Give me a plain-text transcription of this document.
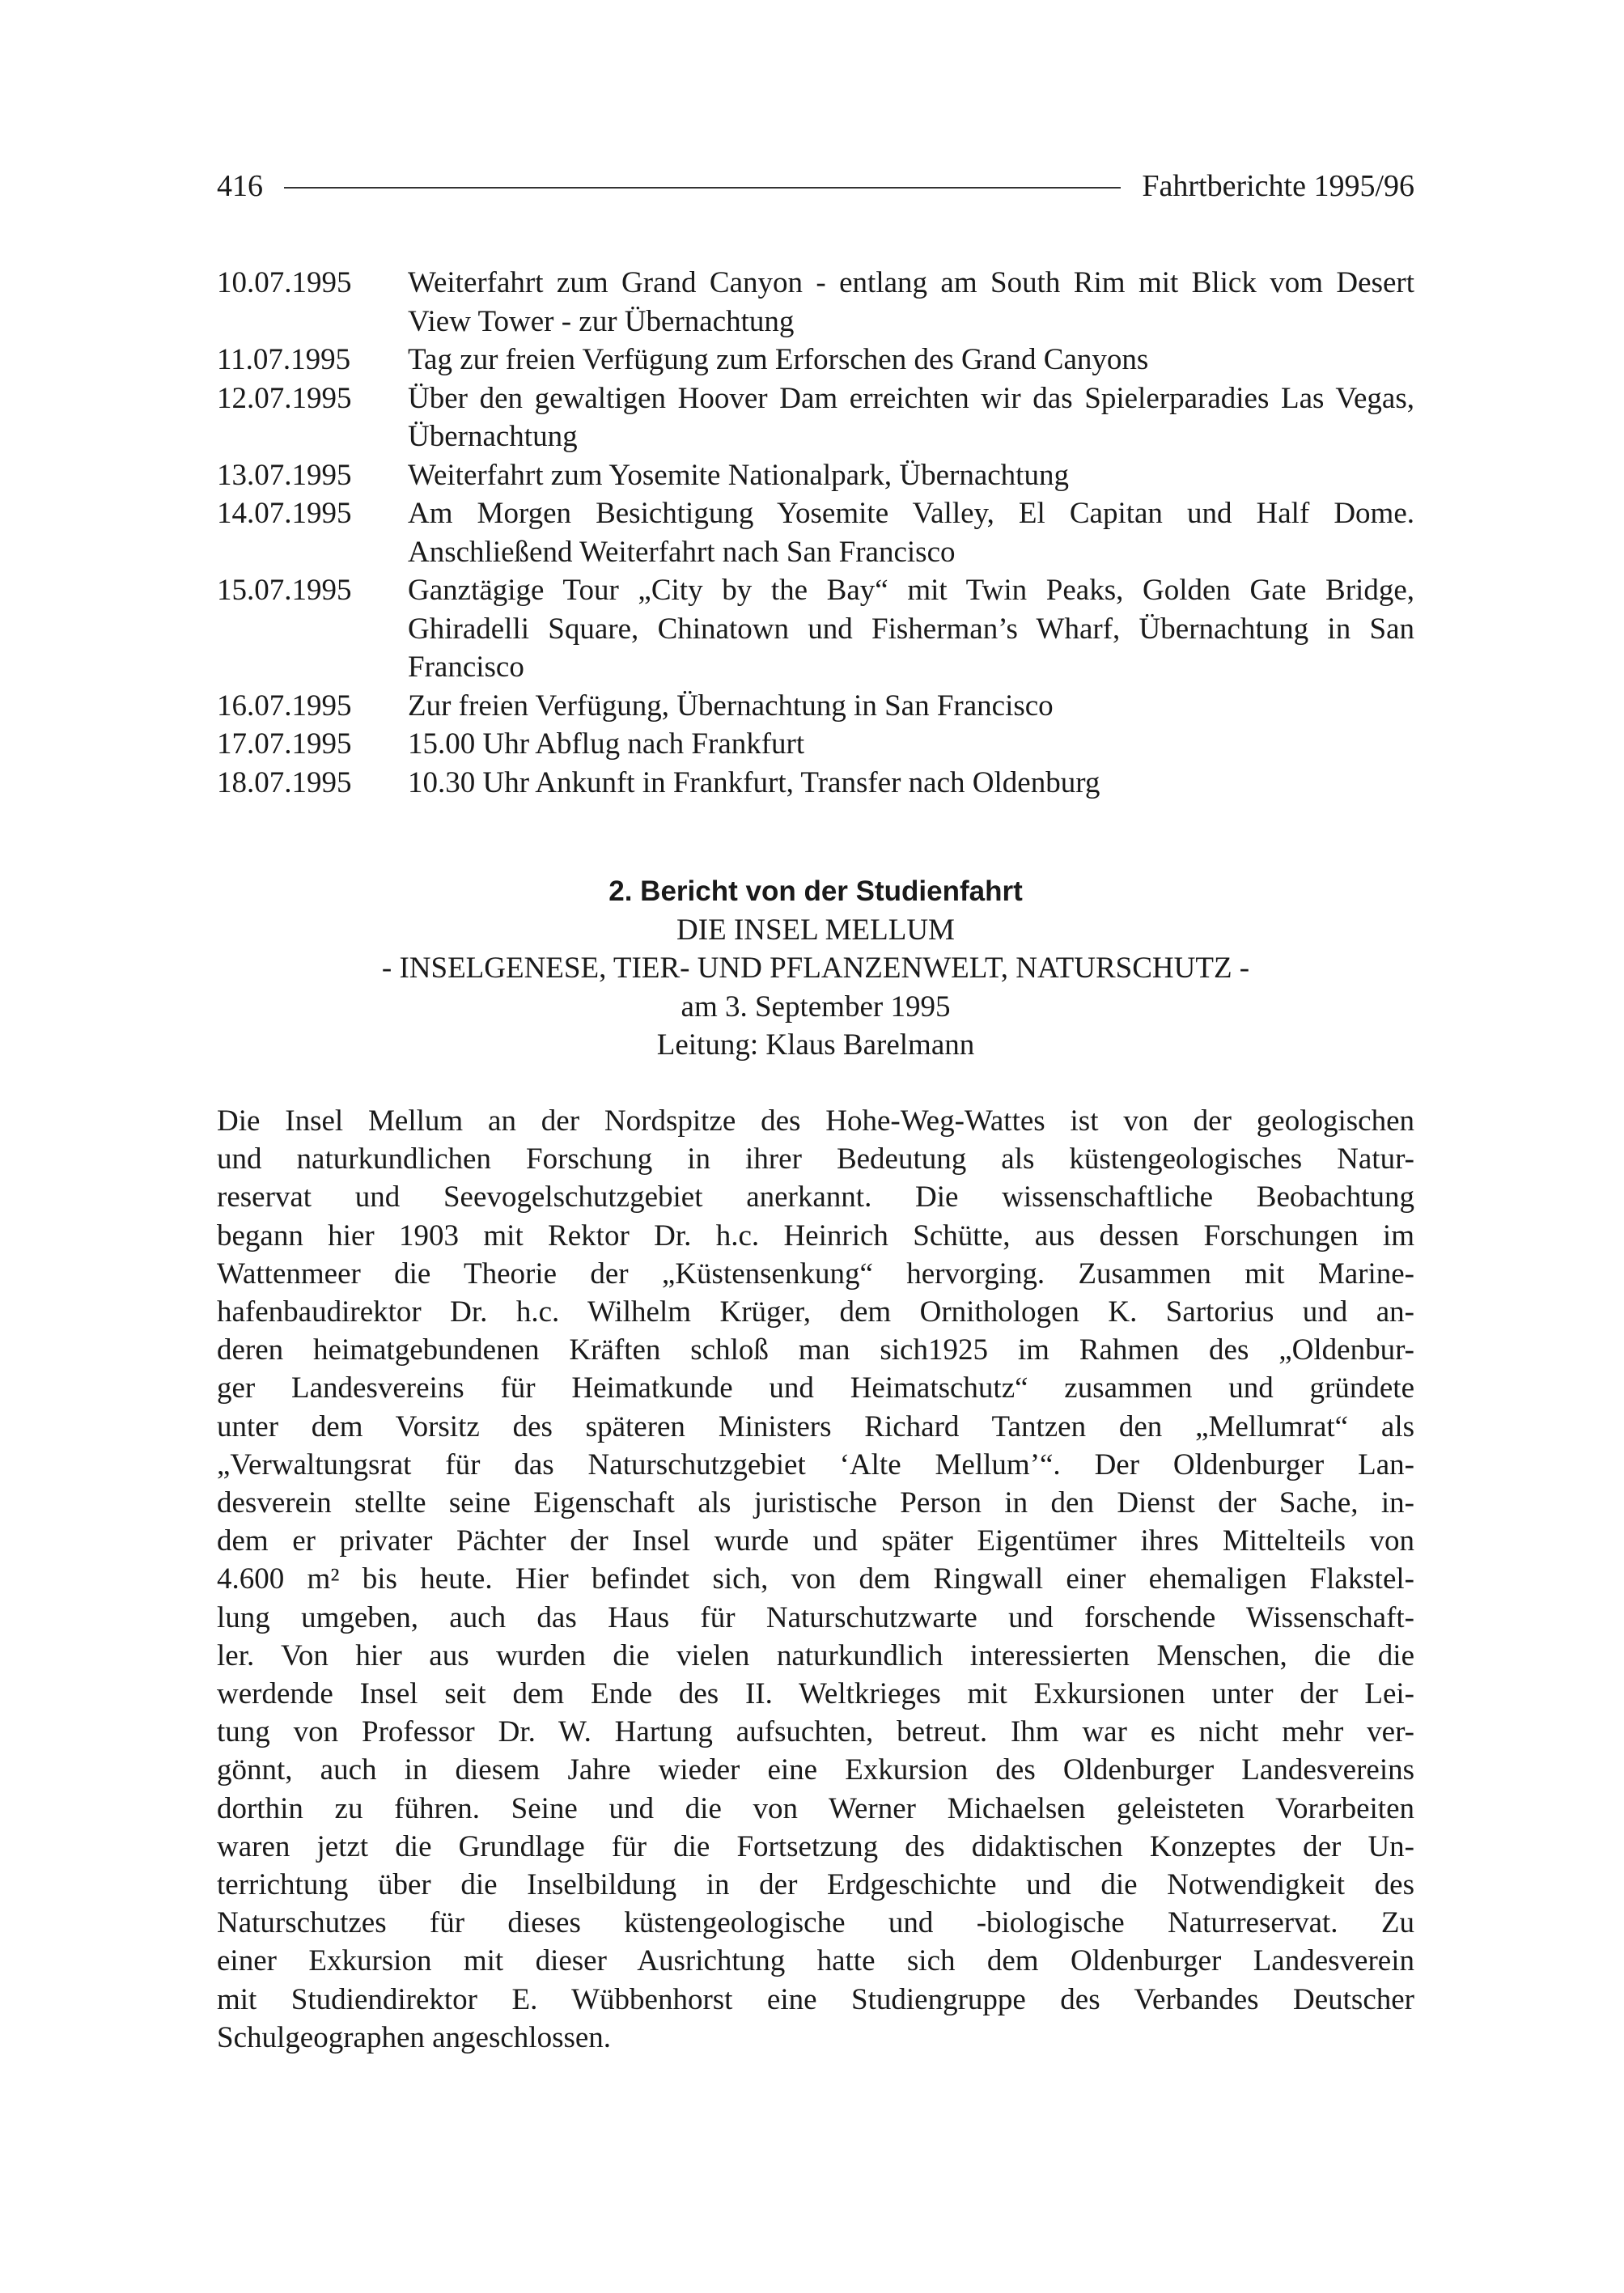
416	Fahrtberichte 1995/96
10.07.1995	Weiterfahrt zum Grand Canyon - entlang am South Rim mit Blick vom Desert View Tower - zur Übernachtung
11.07.1995	Tag zur freien Verfügung zum Erforschen des Grand Canyons
12.07.1995	Über den gewaltigen Hoover Dam erreichten wir das Spielerparadies Las Vegas, Übernachtung
13.07.1995	Weiterfahrt zum Yosemite Nationalpark, Übernachtung
14.07.1995	Am Morgen Besichtigung Yosemite Valley, El Capitan und Half Dome. Anschließend Weiterfahrt nach San Francisco
15.07.1995	Ganztägige Tour „City by the Bay“ mit Twin Peaks, Golden Gate Bridge, Ghiradelli Square, Chinatown und Fisherman’s Wharf, Übernachtung in San Francisco
16.07.1995	Zur freien Verfügung, Übernachtung in San Francisco
17.07.1995	15.00 Uhr Abflug nach Frankfurt
18.07.1995	10.30 Uhr Ankunft in Frankfurt, Transfer nach Oldenburg
2. Bericht von der Studienfahrt
DIE INSEL MELLUM
- INSELGENESE, TIER- UND PFLANZENWELT, NATURSCHUTZ -
am 3. September 1995
Leitung: Klaus Barelmann
Die Insel Mellum an der Nordspitze des Hohe-Weg-Wattes ist von der geologischen
und naturkundlichen Forschung in ihrer Bedeutung als küstengeologisches Natur-
reservat und Seevogelschutzgebiet anerkannt. Die wissenschaftliche Beobachtung
begann hier 1903 mit Rektor Dr. h.c. Heinrich Schütte, aus dessen Forschungen im
Wattenmeer die Theorie der „Küstensenkung“ hervorging. Zusammen mit Marine-
hafenbaudirektor Dr. h.c. Wilhelm Krüger, dem Ornithologen K. Sartorius und an-
deren heimatgebundenen Kräften schloß man sich1925 im Rahmen des „Oldenbur-
ger Landesvereins für Heimatkunde und Heimatschutz“ zusammen und gründete
unter dem Vorsitz des späteren Ministers Richard Tantzen den „Mellumrat“ als
„Verwaltungsrat für das Naturschutzgebiet ‘Alte Mellum’“. Der Oldenburger Lan-
desverein stellte seine Eigenschaft als juristische Person in den Dienst der Sache, in-
dem er privater Pächter der Insel wurde und später Eigentümer ihres Mittelteils von
4.600 m² bis heute. Hier befindet sich, von dem Ringwall einer ehemaligen Flakstel-
lung umgeben, auch das Haus für Naturschutzwarte und forschende Wissenschaft-
ler. Von hier aus wurden die vielen naturkundlich interessierten Menschen, die die
werdende Insel seit dem Ende des II. Weltkrieges mit Exkursionen unter der Lei-
tung von Professor Dr. W. Hartung aufsuchten, betreut. Ihm war es nicht mehr ver-
gönnt, auch in diesem Jahre wieder eine Exkursion des Oldenburger Landesvereins
dorthin zu führen. Seine und die von Werner Michaelsen geleisteten Vorarbeiten
waren jetzt die Grundlage für die Fortsetzung des didaktischen Konzeptes der Un-
terrichtung über die Inselbildung in der Erdgeschichte und die Notwendigkeit des
Naturschutzes für dieses küstengeologische und -biologische Naturreservat. Zu
einer Exkursion mit dieser Ausrichtung hatte sich dem Oldenburger Landesverein
mit Studiendirektor E. Wübbenhorst eine Studiengruppe des Verbandes Deutscher
Schulgeographen angeschlossen.
